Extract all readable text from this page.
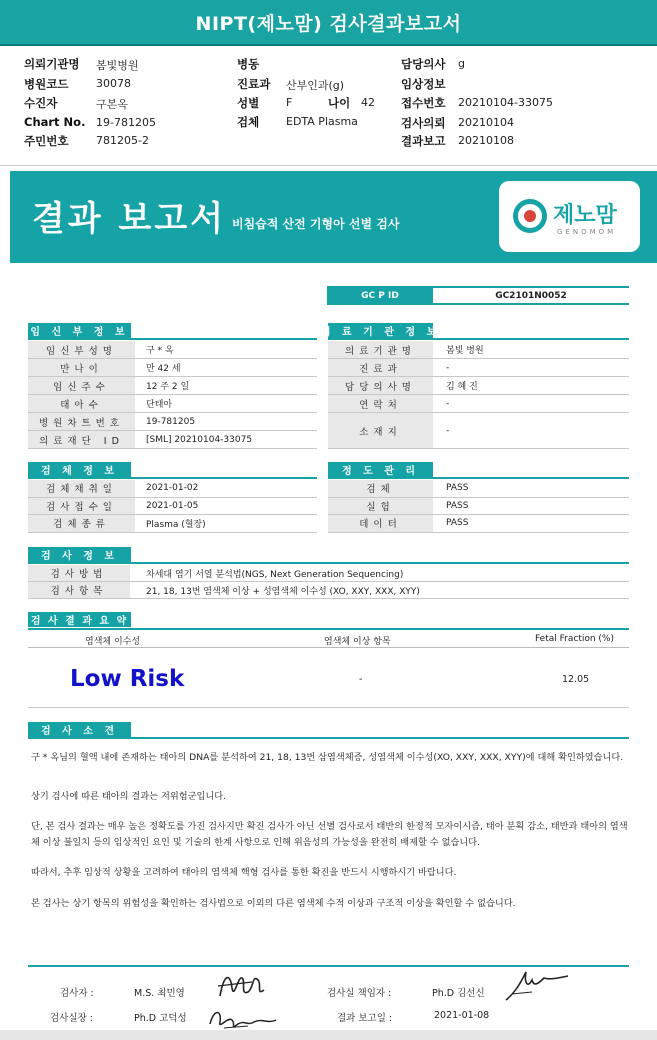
NIPT(제노맘) 검사결과보고서
의뢰기관명 봄빛병원
병원코드	30078
수진자	구본옥
Chart No. 19-781205
주민번호	781205-2
병동
진료과 산부인과(g)
성별 F	나이 42
검체 EDTA Plasma
담당의사 g
임상정보
접수번호 20210104-33075
검사의뢰 20210104
결과보고 20210108
결과 보고서 비침습적 산전 기형아 선별 검사	제노맘
GENOMOM
GC P ID	GC2101N0052
임 신 부 정 보	의 료 기 관 정 보
검 체 정 보	정 도 관 리
검 사 정 보
검 사 결 과 요 약
염색체 이수성	염색체 이상 항목	Fetal Fraction (%)
Low Risk	-	12.05
검 사 소 견
구 * 옥님의 혈액 내에 존재하는 태아의 DNA를 분석하여 21, 18, 13번 삼염색체증, 성염색체 이수성(XO, XXY, XXX, XYY)에 대해 확인하였습니다.
상기 검사에 따른 태아의 결과는 저위험군입니다.
단, 본 검사 결과는 매우 높은 정확도를 가진 검사지만 확진 검사가 아닌 선별 검사로서 태반의 한정적 모자이시즘, 태아 분획 감소, 태반과 태아의 염색체 이상 불일치 등의 임상적인 요인 및 기술의 한계 사항으로 인해 위음성의 가능성을 완전히 배제할 수 없습니다.
따라서, 추후 임상적 상황을 고려하여 태아의 염색체 핵형 검사를 통한 확진을 반드시 시행하시기 바랍니다.
본 검사는 상기 항목의 위험성을 확인하는 검사법으로 이외의 다른 염색체 수적 이상과 구조적 이상을 확인할 수 없습니다.
검사자 :	M.S. 최민영
검사실장 :	Ph.D 고덕성
검사실 책임자 :	Ph.D 김선신
결과 보고일 :	2021-01-08
임신부성명	구 * 옥
만나이	만 42 세
임신주수	12 주 2 일
태아수	단태아
병원차트번호	19-781205
의료재단 ID	[SML] 20210104-33075
의료기관명	봄빛 병원
진료과	-
담당의사명	김 혜 진
연락처	-
소재지	-
검체채취일	2021-01-02
검사접수일	2021-01-05
검체종류	Plasma (혈장)
검체	PASS
실험	PASS
데이터	PASS
검사방법	차세대 염기 서열 분석법(NGS, Next Generation Sequencing)
검사항목	21, 18, 13번 염색체 이상 + 성염색체 이수성 (XO, XXY, XXX, XYY)
